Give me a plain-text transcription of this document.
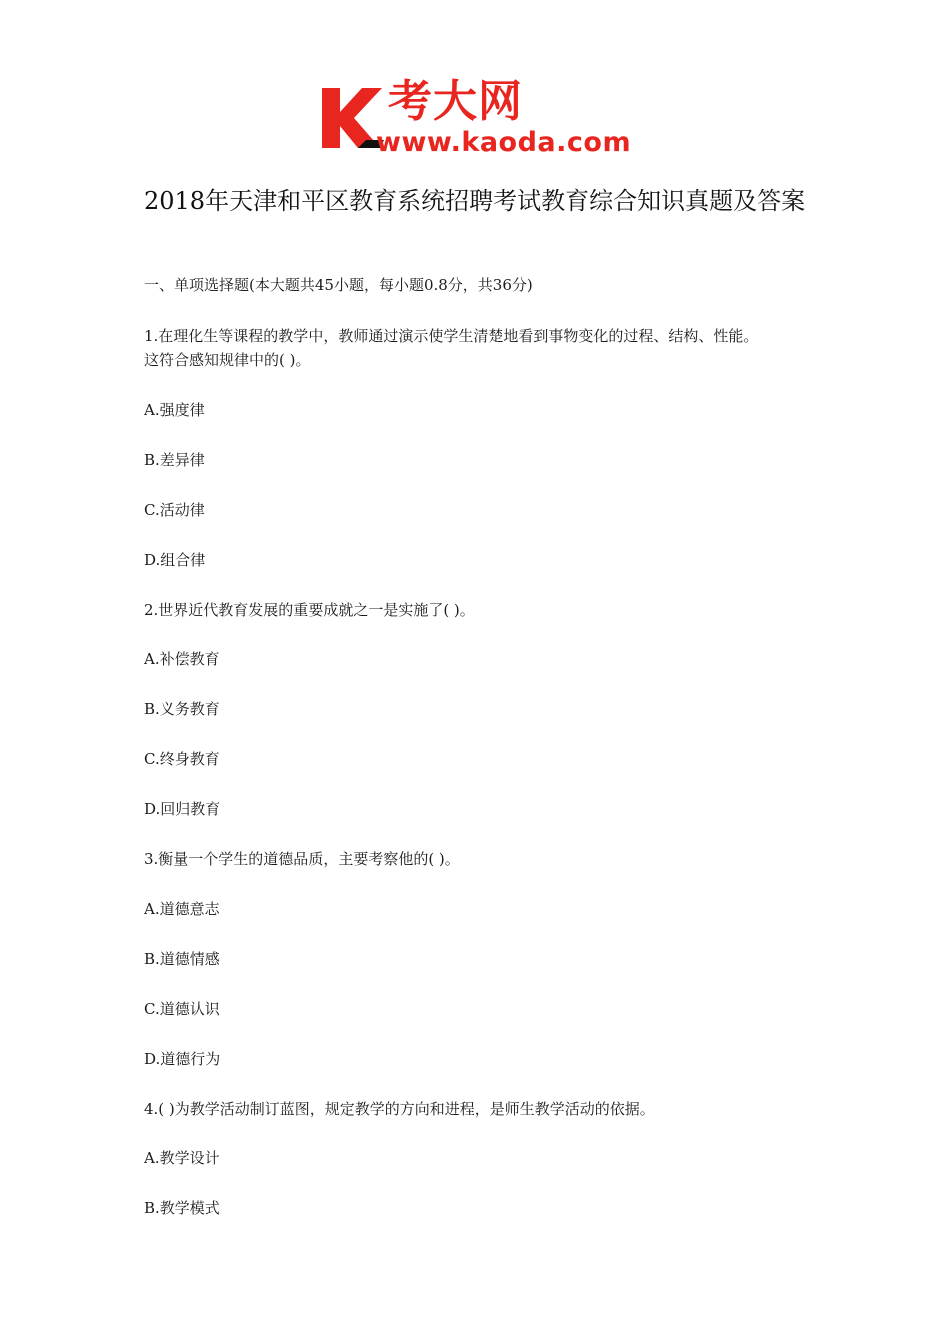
考大网
www.kaoda.com
2018年天津和平区教育系统招聘考试教育综合知识真题及答案
一、单项选择题(本大题共45小题，每小题0.8分，共36分)
1.在理化生等课程的教学中，教师通过演示使学生清楚地看到事物变化的过程、结构、性能。
这符合感知规律中的( )。
A.强度律
B.差异律
C.活动律
D.组合律
2.世界近代教育发展的重要成就之一是实施了( )。
A.补偿教育
B.义务教育
C.终身教育
D.回归教育
3.衡量一个学生的道德品质，主要考察他的( )。
A.道德意志
B.道德情感
C.道德认识
D.道德行为
4.( )为教学活动制订蓝图，规定教学的方向和进程，是师生教学活动的依据。
A.教学设计
B.教学模式
